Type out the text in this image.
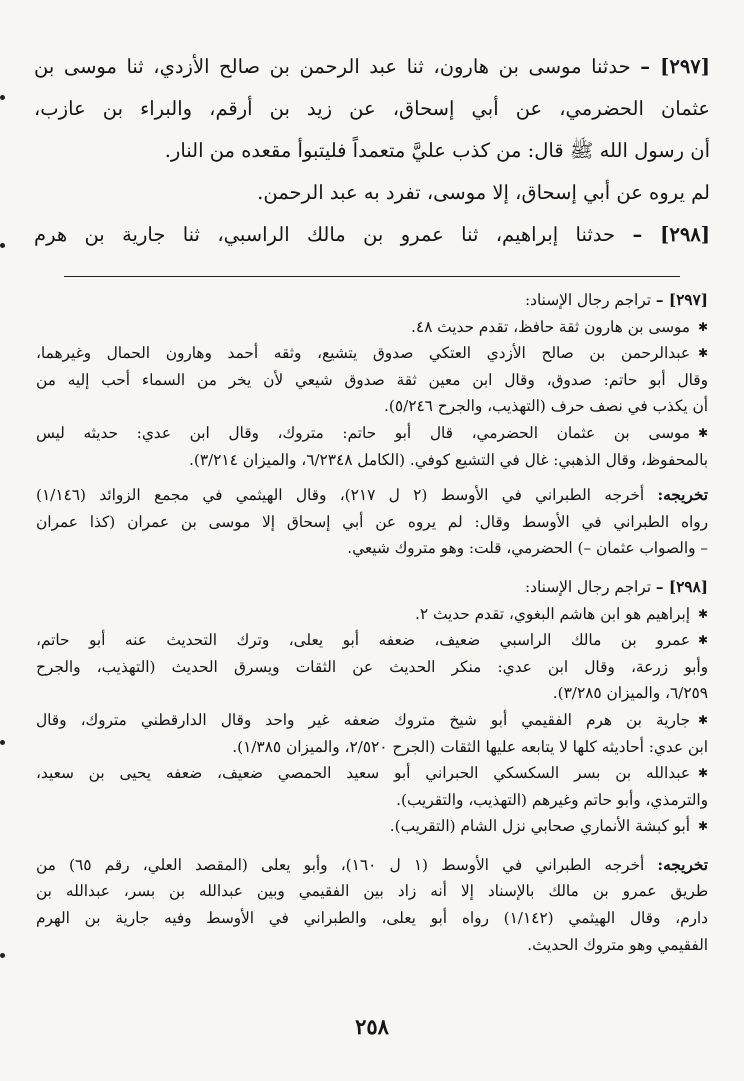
[٢٩٧] – حدثنا موسى بن هارون، ثنا عبد الرحمن بن صالح الأزدي، ثنا موسى بن

عثمان الحضرمي، عن أبي إسحاق، عن زيد بن أرقم، والبراء بن عازب،

أن رسول الله ﷺ قال: من كذب عليَّ متعمداً فليتبوأ مقعده من النار.

لم يروه عن أبي إسحاق، إلا موسى، تفرد به عبد الرحمن.

[٢٩٨] – حدثنا إبراهيم، ثنا عمرو بن مالك الراسبي، ثنا جارية بن هرم

[٢٩٧] – تراجم رجال الإسناد:

✱
موسى بن هارون ثقة حافظ، تقدم حديث ٤٨.

✱
عبدالرحمن بن صالح الأزدي العتكي صدوق يتشيع، وثقه أحمد وهارون الحمال وغيرهما،

وقال أبو حاتم: صدوق، وقال ابن معين ثقة صدوق شيعي لأن يخر من السماء أحب إليه من

أن يكذب في نصف حرف (التهذيب، والجرح ٥/٢٤٦).

✱
موسى بن عثمان الحضرمي، قال أبو حاتم: متروك، وقال ابن عدي: حديثه ليس

بالمحفوظ، وقال الذهبي: غال في التشيع كوفي. (الكامل ٦/٢٣٤٨، والميزان ٣/٢١٤).

تخريجه: أخرجه الطبراني في الأوسط (٢ ل ٢١٧)، وقال الهيثمي في مجمع الزوائد (١/١٤٦)

رواه الطبراني في الأوسط وقال: لم يروه عن أبي إسحاق إلا موسى بن عمران (كذا عمران

– والصواب عثمان –) الحضرمي، قلت: وهو متروك شيعي.

[٢٩٨] – تراجم رجال الإسناد:

✱
إبراهيم هو ابن هاشم البغوي، تقدم حديث ٢.

✱
عمرو بن مالك الراسبي ضعيف، ضعفه أبو يعلى، وترك التحديث عنه أبو حاتم،

وأبو زرعة، وقال ابن عدي: منكر الحديث عن الثقات ويسرق الحديث (التهذيب، والجرح

٦/٢٥٩، والميزان ٣/٢٨٥).

✱
جارية بن هرم الفقيمي أبو شيخ متروك ضعفه غير واحد وقال الدارقطني متروك، وقال

ابن عدي: أحاديثه كلها لا يتابعه عليها الثقات (الجرح ٢/٥٢٠، والميزان ١/٣٨٥).

✱
عبدالله بن بسر السكسكي الحبراني أبو سعيد الحمصي ضعيف، ضعفه يحيى بن سعيد،

والترمذي، وأبو حاتم وغيرهم (التهذيب، والتقريب).

✱
أبو كبشة الأنماري صحابي نزل الشام (التقريب).

تخريجه: أخرجه الطبراني في الأوسط (١ ل ١٦٠)، وأبو يعلى (المقصد العلي، رقم ٦٥) من

طريق عمرو بن مالك بالإسناد إلا أنه زاد بين الفقيمي وبين عبدالله بن بسر، عبدالله بن

دارم، وقال الهيثمي (١/١٤٢) رواه أبو يعلى، والطبراني في الأوسط وفيه جارية بن الهرم

الفقيمي وهو متروك الحديث.

٢٥٨
